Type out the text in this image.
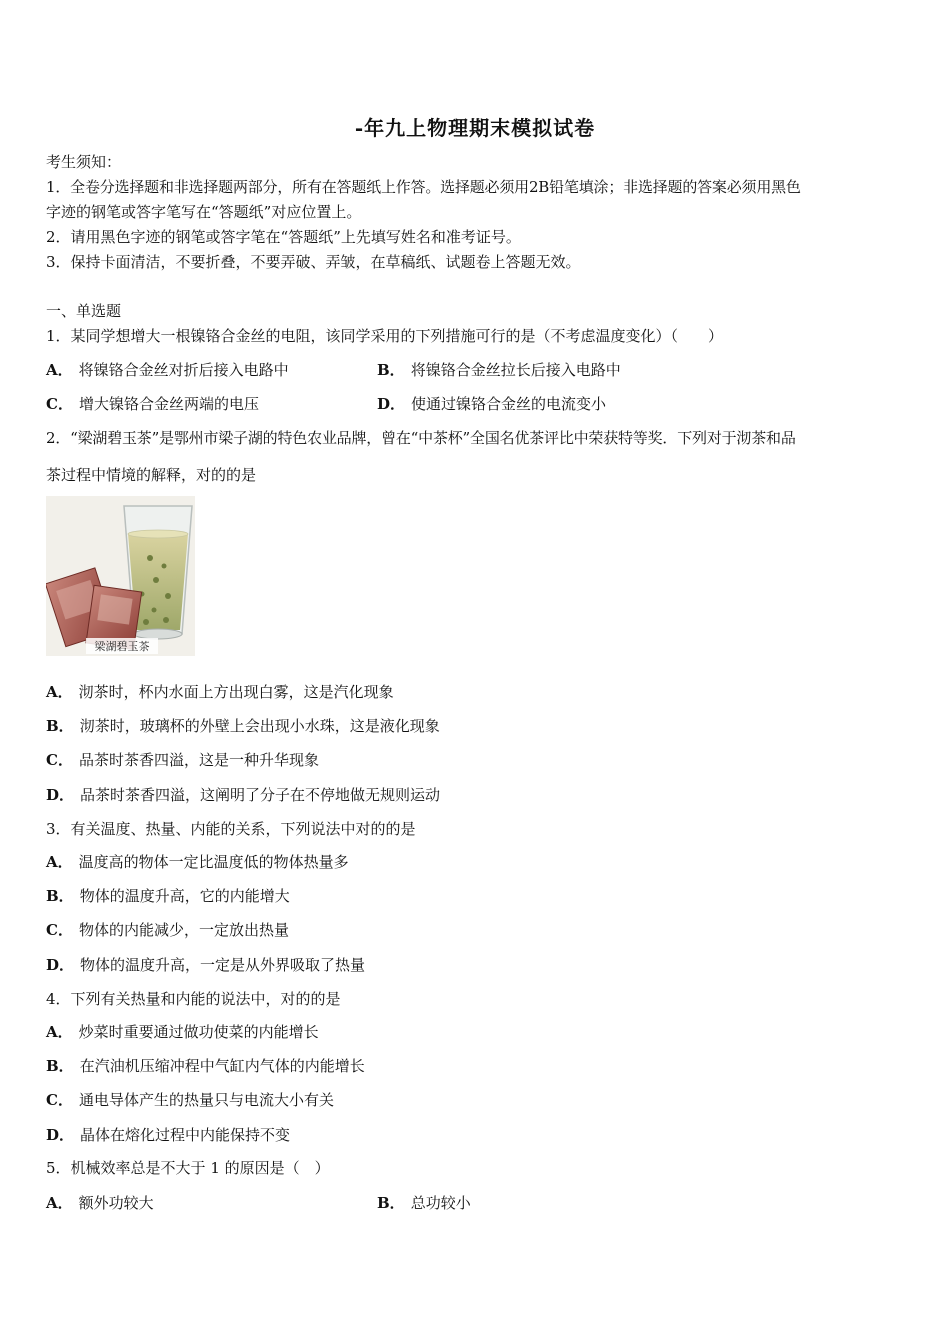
-年九上物理期末模拟试卷
考生须知：
1．全卷分选择题和非选择题两部分，所有在答题纸上作答。选择题必须用2B铅笔填涂；非选择题的答案必须用黑色
字迹的钢笔或答字笔写在“答题纸”对应位置上。
2．请用黑色字迹的钢笔或答字笔在“答题纸”上先填写姓名和准考证号。
3．保持卡面清洁，不要折叠，不要弄破、弄皱，在草稿纸、试题卷上答题无效。
一、单选题
1．某同学想增大一根镍铬合金丝的电阻，该同学采用的下列措施可行的是（不考虑温度变化）（　　）
A． 将镍铬合金丝对折后接入电路中	B． 将镍铬合金丝拉长后接入电路中
C． 增大镍铬合金丝两端的电压	D． 使通过镍铬合金丝的电流变小
2．“梁湖碧玉茶”是鄂州市梁子湖的特色农业品牌，曾在“中茶杯”全国名优茶评比中荣获特等奖．下列对于沏茶和品
茶过程中情境的解释，对的的是
梁湖碧玉茶
A． 沏茶时，杯内水面上方出现白雾，这是汽化现象
B． 沏茶时，玻璃杯的外壁上会出现小水珠，这是液化现象
C． 品茶时茶香四溢，这是一种升华现象
D． 品茶时茶香四溢，这阐明了分子在不停地做无规则运动
3．有关温度、热量、内能的关系，下列说法中对的的是
A． 温度高的物体一定比温度低的物体热量多
B． 物体的温度升高，它的内能增大
C． 物体的内能减少，一定放出热量
D． 物体的温度升高，一定是从外界吸取了热量
4．下列有关热量和内能的说法中，对的的是
A． 炒菜时重要通过做功使菜的内能增长
B． 在汽油机压缩冲程中气缸内气体的内能增长
C． 通电导体产生的热量只与电流大小有关
D． 晶体在熔化过程中内能保持不变
5．机械效率总是不大于 1 的原因是（　）
A． 额外功较大	B． 总功较小
